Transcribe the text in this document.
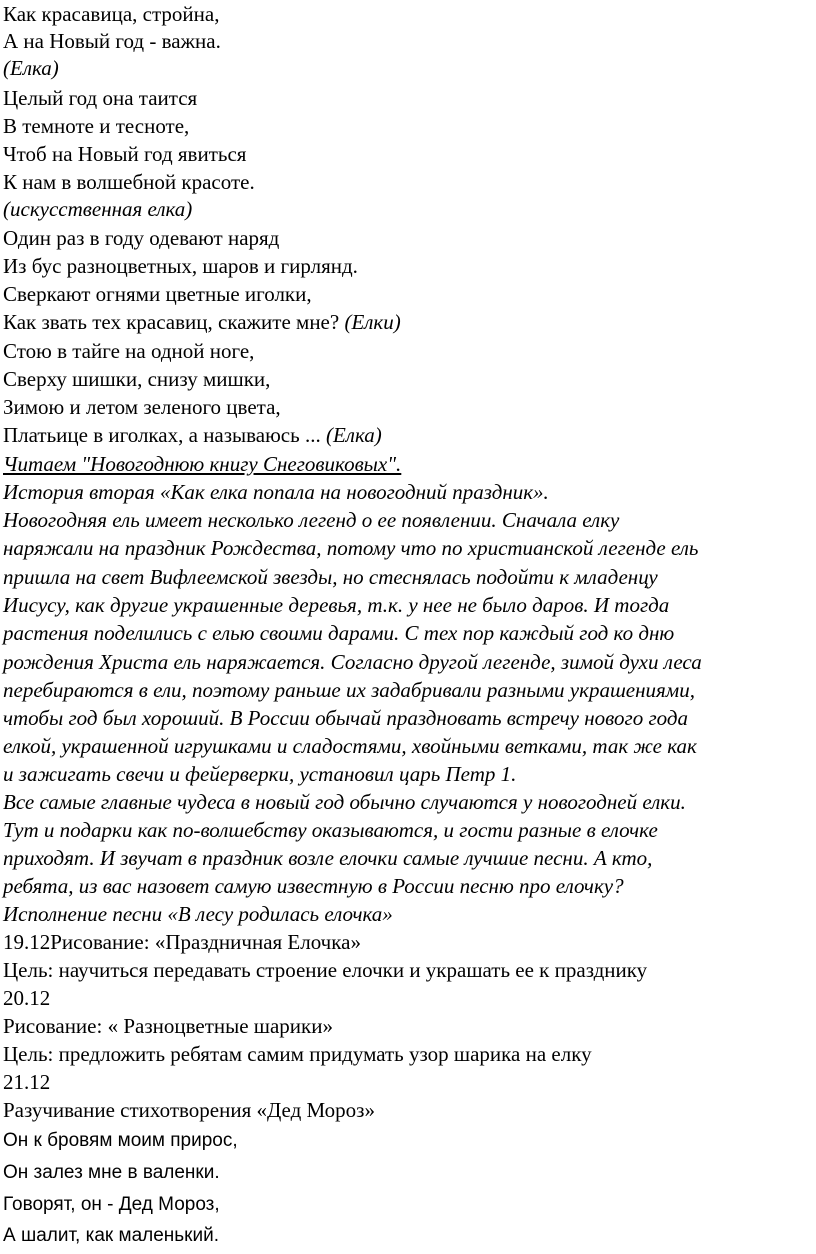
Как красавица, стройна,
А на Новый год - важна.
(Елка)
Целый год она таится
В темноте и тесноте,
Чтоб на Новый год явиться
К нам в волшебной красоте.
(искусственная елка)
Один раз в году одевают наряд
Из бус разноцветных, шаров и гирлянд.
Сверкают огнями цветные иголки,
Как звать тех красавиц, скажите мне? (Елки)
Стою в тайге на одной ноге,
Сверху шишки, снизу мишки,
Зимою и летом зеленого цвета,
Платьице в иголках, а называюсь ... (Елка)
Читаем "Новогоднюю книгу Снеговиковых".
История вторая «Как елка попала на новогодний праздник».
Новогодняя ель имеет несколько легенд о ее появлении. Сначала елку
наряжали на праздник Рождества, потому что по христианской легенде ель
пришла на свет Вифлеемской звезды, но стеснялась подойти к младенцу
Иисусу, как другие украшенные деревья, т.к. у нее не было даров. И тогда
растения поделились с елью своими дарами. С тех пор каждый год ко дню
рождения Христа ель наряжается. Согласно другой легенде, зимой духи леса
перебираются в ели, поэтому раньше их задабривали разными украшениями,
чтобы год был хороший. В России обычай праздновать встречу нового года
елкой, украшенной игрушками и сладостями, хвойными ветками, так же как
и зажигать свечи и фейерверки, установил царь Петр 1.
Все самые главные чудеса в новый год обычно случаются у новогодней елки.
Тут и подарки как по-волшебству оказываются, и гости разные в елочке
приходят. И звучат в праздник возле елочки самые лучшие песни. А кто,
ребята, из вас назовет самую известную в России песню про елочку?
Исполнение песни «В лесу родилась елочка»
19.12Рисование: «Праздничная Елочка»
Цель: научиться передавать строение елочки и украшать ее к празднику
20.12
Рисование: « Разноцветные шарики»
Цель: предложить ребятам самим придумать узор шарика на елку
21.12
Разучивание стихотворения «Дед Мороз»
Он к бровям моим прирос,
Он залез мне в валенки.
Говорят, он - Дед Мороз,
А шалит, как маленький.
